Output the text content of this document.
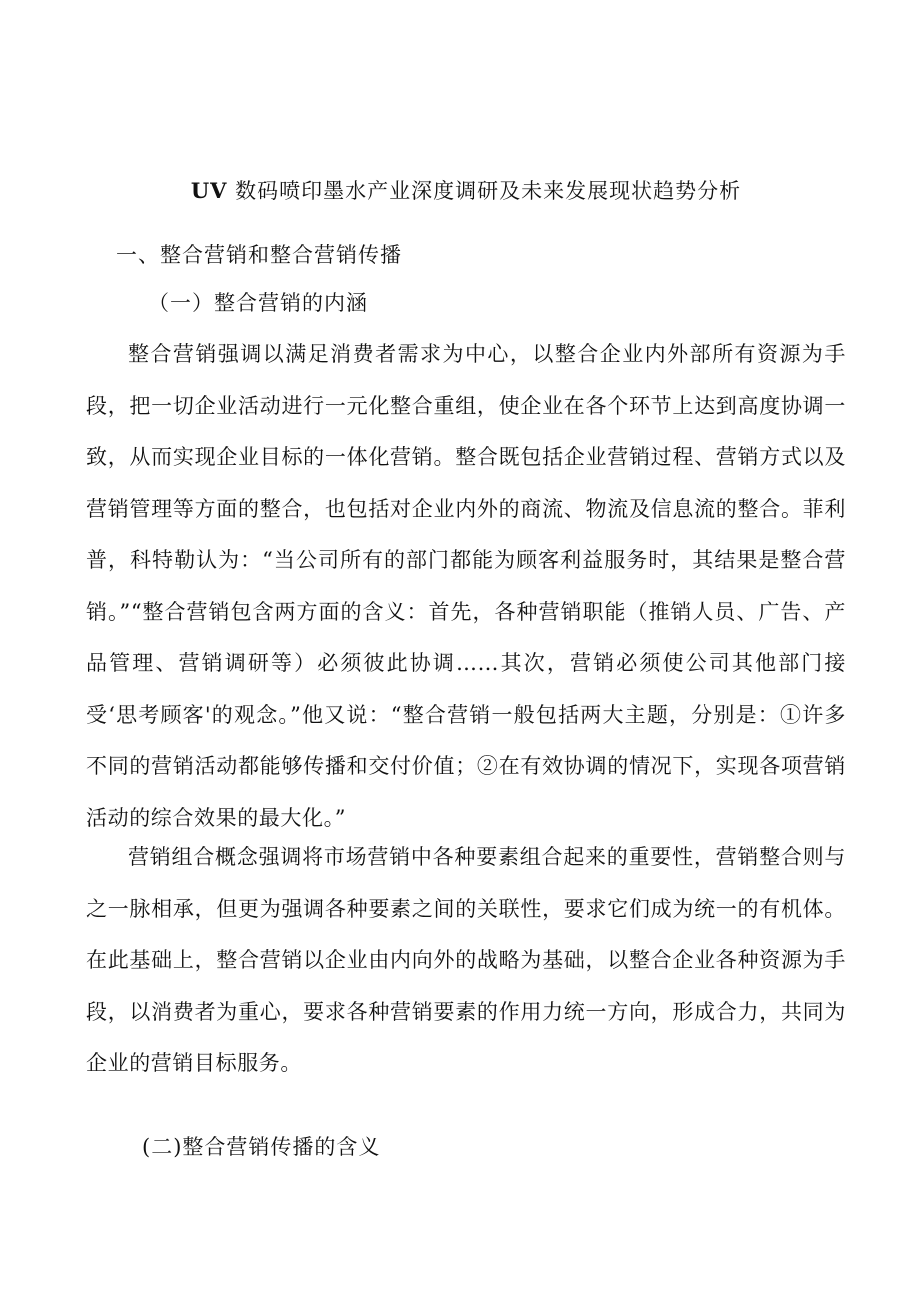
UV 数码喷印墨水产业深度调研及未来发展现状趋势分析
一、整合营销和整合营销传播
（一）整合营销的内涵

整合营销强调以满足消费者需求为中心，以整合企业内外部所有资源为手段，把一切企业活动进行一元化整合重组，使企业在各个环节上达到高度协调一致，从而实现企业目标的一体化营销。整合既包括企业营销过程、营销方式以及营销管理等方面的整合，也包括对企业内外的商流、物流及信息流的整合。菲利普，科特勒认为：“当公司所有的部门都能为顾客利益服务时，其结果是整合营销。”“整合营销包含两方面的含义：首先，各种营销职能（推销人员、广告、产品管理、营销调研等）必须彼此协调……其次，营销必须使公司其他部门接受‘思考顾客'的观念。”他又说：“整合营销一般包括两大主题，分别是：①许多不同的营销活动都能够传播和交付价值；②在有效协调的情况下，实现各项营销活动的综合效果的最大化。”

营销组合概念强调将市场营销中各种要素组合起来的重要性，营销整合则与之一脉相承，但更为强调各种要素之间的关联性，要求它们成为统一的有机体。在此基础上，整合营销以企业由内向外的战略为基础，以整合企业各种资源为手段，以消费者为重心，要求各种营销要素的作用力统一方向，形成合力，共同为企业的营销目标服务。

(二)整合营销传播的含义
